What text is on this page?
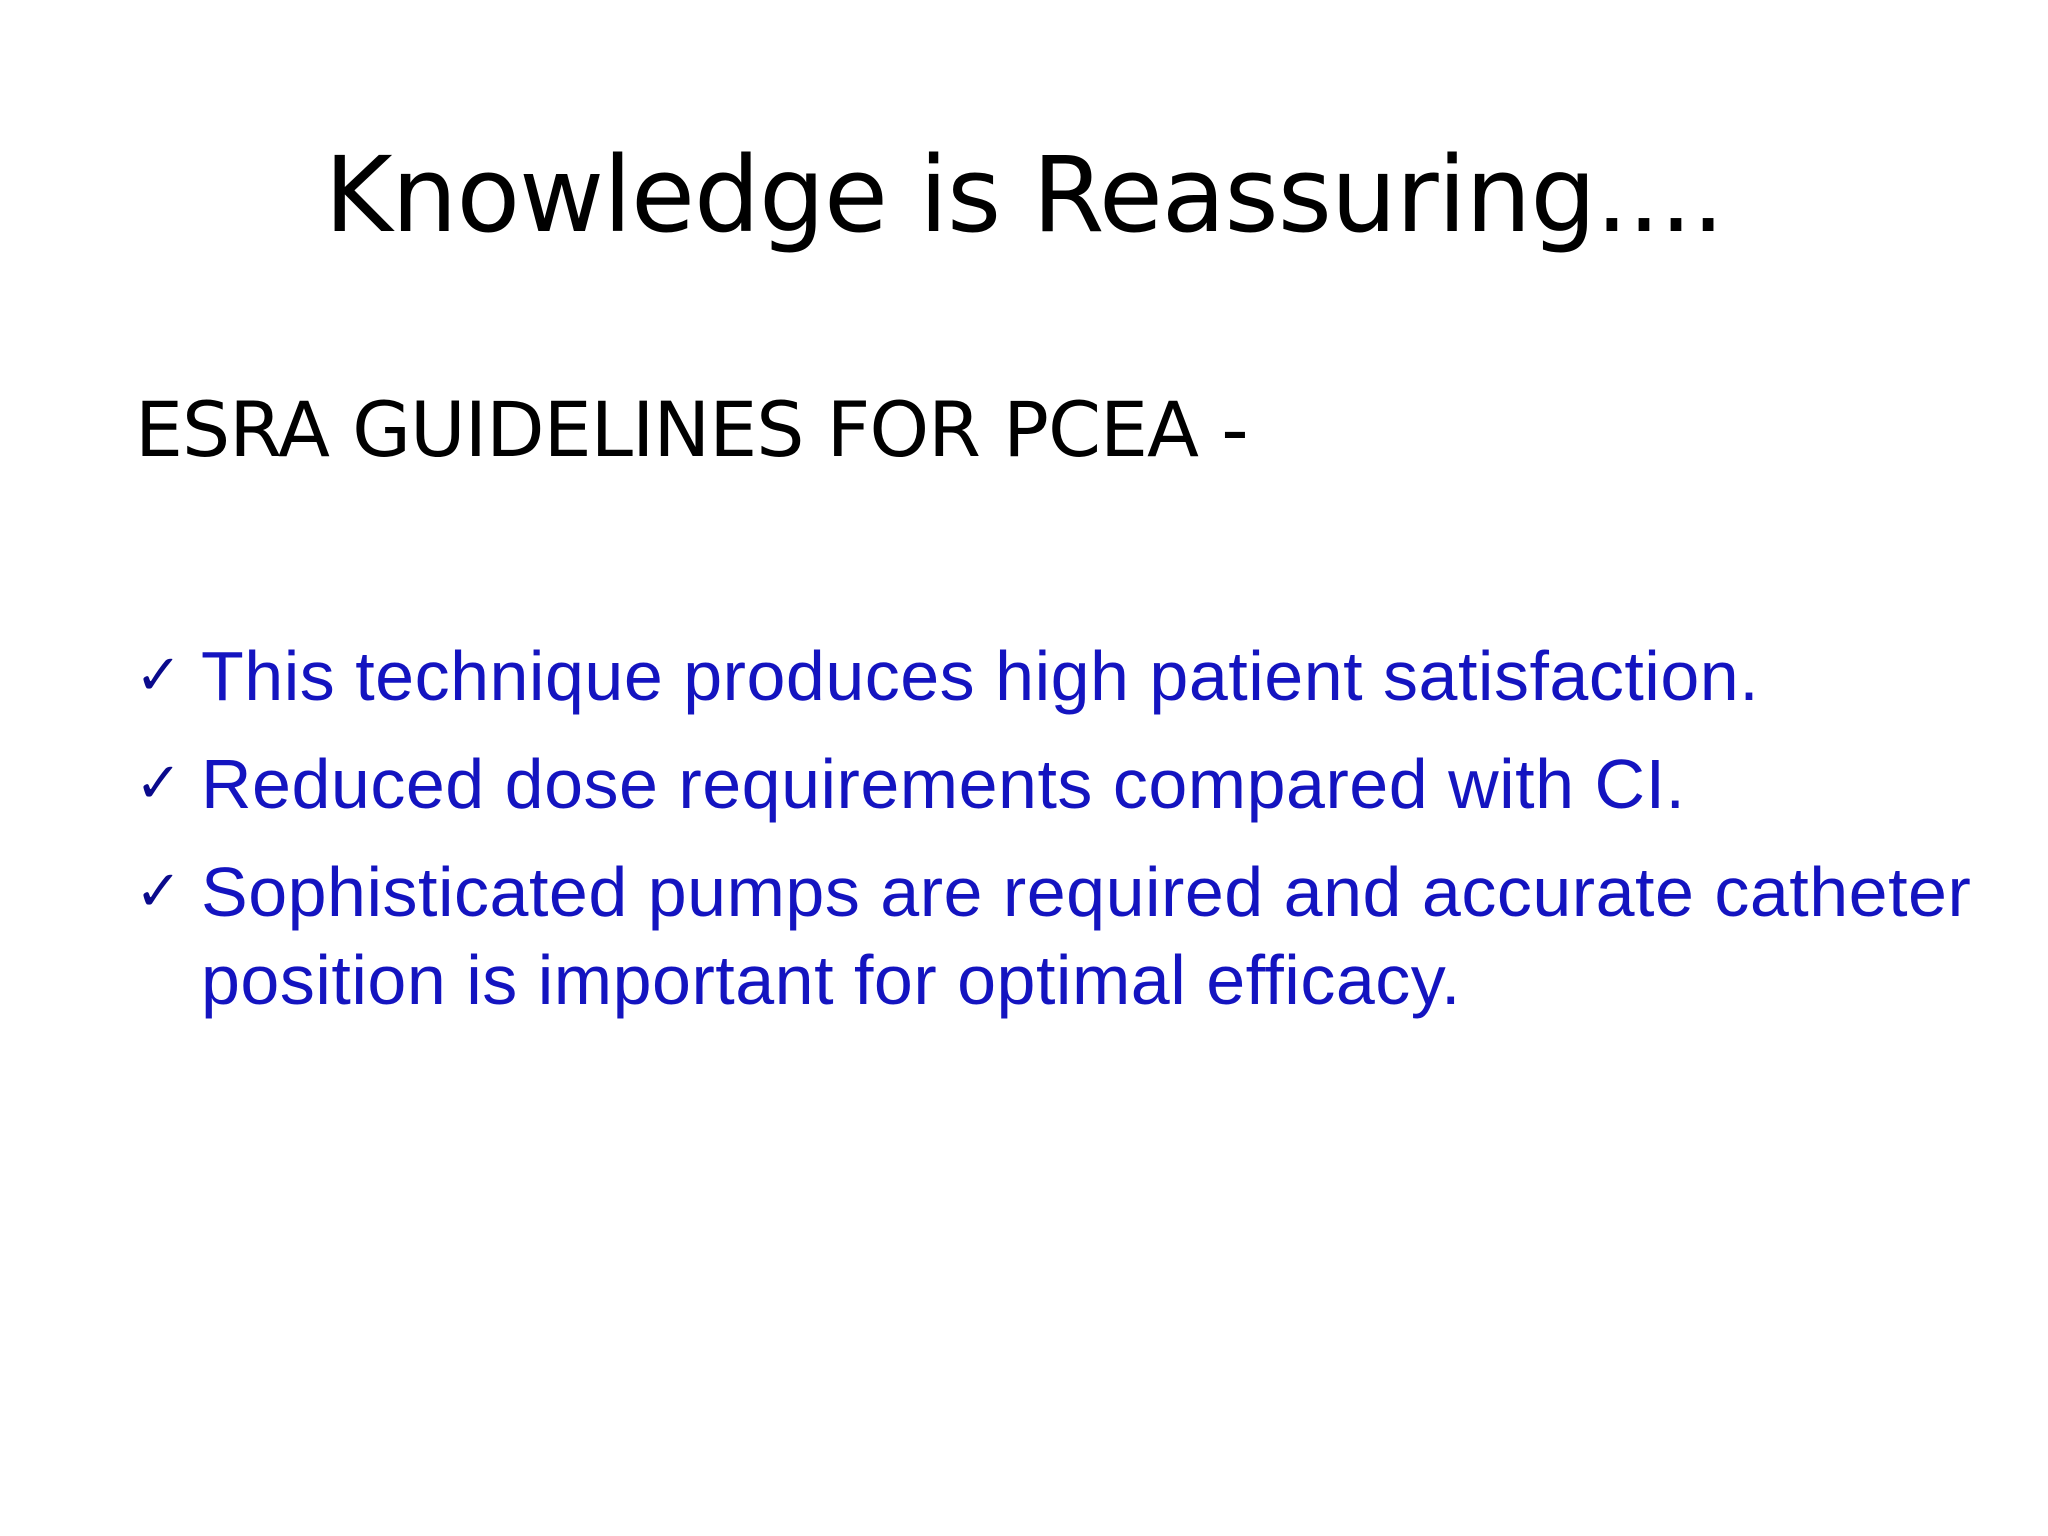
Knowledge is Reassuring....
ESRA GUIDELINES FOR PCEA -
✓ This technique produces high patient satisfaction.
✓ Reduced dose requirements compared with CI.
✓ Sophisticated pumps are required and accurate catheter position is important for optimal efficacy.
